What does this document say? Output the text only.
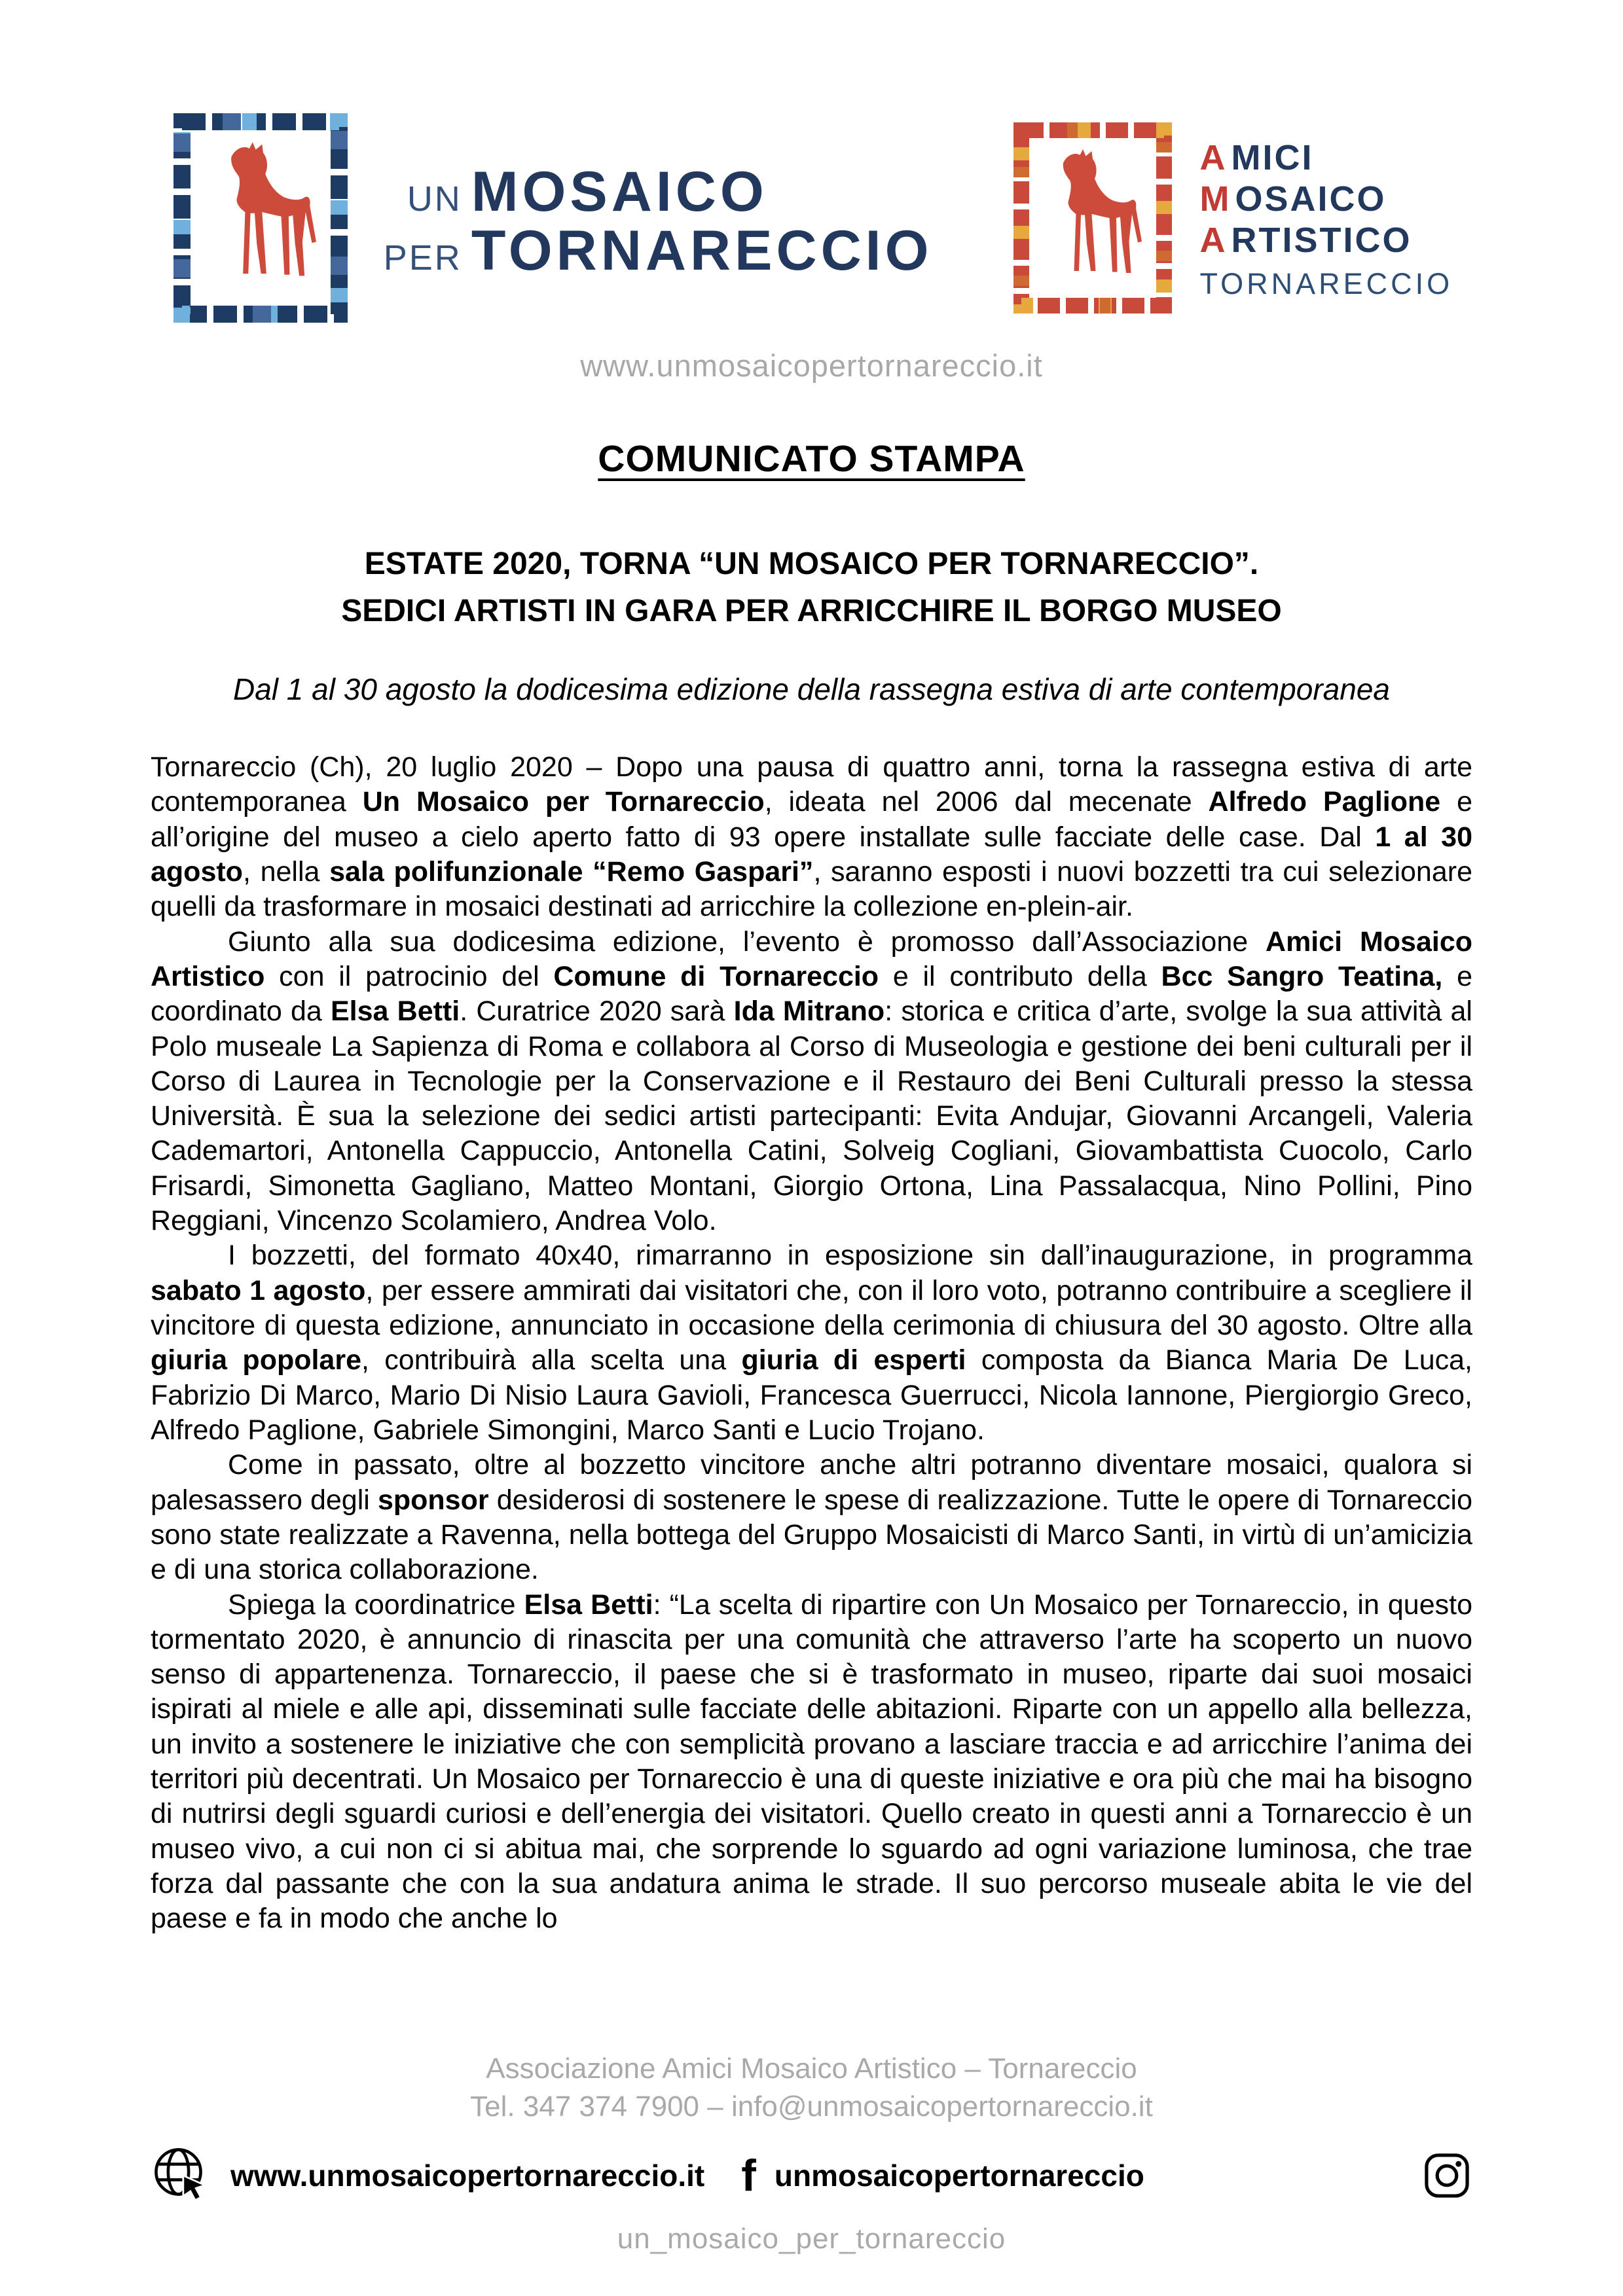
UN MOSAICO
PER TORNARECCIO
A MICI
M OSAICO
A RTISTICO
TORNARECCIO
www.unmosaicopertornareccio.it
COMUNICATO STAMPA
ESTATE 2020, TORNA “UN MOSAICO PER TORNARECCIO”.
SEDICI ARTISTI IN GARA PER ARRICCHIRE IL BORGO MUSEO

Dal 1 al 30 agosto la dodicesima edizione della rassegna estiva di arte contemporanea

Tornareccio (Ch), 20 luglio 2020 – Dopo una pausa di quattro anni, torna la rassegna estiva di arte contemporanea Un Mosaico per Tornareccio, ideata nel 2006 dal mecenate Alfredo Paglione e all’origine del museo a cielo aperto fatto di 93 opere installate sulle facciate delle case. Dal 1 al 30 agosto, nella sala polifunzionale “Remo Gaspari”, saranno esposti i nuovi bozzetti tra cui selezionare quelli da trasformare in mosaici destinati ad arricchire la collezione en-plein-air.

Giunto alla sua dodicesima edizione, l’evento è promosso dall’Associazione Amici Mosaico Artistico con il patrocinio del Comune di Tornareccio e il contributo della Bcc Sangro Teatina, e coordinato da Elsa Betti. Curatrice 2020 sarà Ida Mitrano: storica e critica d’arte, svolge la sua attività al Polo museale La Sapienza di Roma e collabora al Corso di Museologia e gestione dei beni culturali per il Corso di Laurea in Tecnologie per la Conservazione e il Restauro dei Beni Culturali presso la stessa Università. È sua la selezione dei sedici artisti partecipanti: Evita Andujar, Giovanni Arcangeli, Valeria Cademartori, Antonella Cappuccio, Antonella Catini, Solveig Cogliani, Giovambattista Cuocolo, Carlo Frisardi, Simonetta Gagliano, Matteo Montani, Giorgio Ortona, Lina Passalacqua, Nino Pollini, Pino Reggiani, Vincenzo Scolamiero, Andrea Volo.

I bozzetti, del formato 40x40, rimarranno in esposizione sin dall’inaugurazione, in programma sabato 1 agosto, per essere ammirati dai visitatori che, con il loro voto, potranno contribuire a scegliere il vincitore di questa edizione, annunciato in occasione della cerimonia di chiusura del 30 agosto. Oltre alla giuria popolare, contribuirà alla scelta una giuria di esperti composta da Bianca Maria De Luca, Fabrizio Di Marco, Mario Di Nisio Laura Gavioli, Francesca Guerrucci, Nicola Iannone, Piergiorgio Greco, Alfredo Paglione, Gabriele Simongini, Marco Santi e Lucio Trojano.

Come in passato, oltre al bozzetto vincitore anche altri potranno diventare mosaici, qualora si palesassero degli sponsor desiderosi di sostenere le spese di realizzazione. Tutte le opere di Tornareccio sono state realizzate a Ravenna, nella bottega del Gruppo Mosaicisti di Marco Santi, in virtù di un’amicizia e di una storica collaborazione.

Spiega la coordinatrice Elsa Betti: “La scelta di ripartire con Un Mosaico per Tornareccio, in questo tormentato 2020, è annuncio di rinascita per una comunità che attraverso l’arte ha scoperto un nuovo senso di appartenenza. Tornareccio, il paese che si è trasformato in museo, riparte dai suoi mosaici ispirati al miele e alle api, disseminati sulle facciate delle abitazioni. Riparte con un appello alla bellezza, un invito a sostenere le iniziative che con semplicità provano a lasciare traccia e ad arricchire l’anima dei territori più decentrati. Un Mosaico per Tornareccio è una di queste iniziative e ora più che mai ha bisogno di nutrirsi degli sguardi curiosi e dell’energia dei visitatori. Quello creato in questi anni a Tornareccio è un museo vivo, a cui non ci si abitua mai, che sorprende lo sguardo ad ogni variazione luminosa, che trae forza dal passante che con la sua andatura anima le strade. Il suo percorso museale abita le vie del paese e fa in modo che anche lo

Associazione Amici Mosaico Artistico – Tornareccio
Tel. 347 374 7900 – info@unmosaicopertornareccio.it
www.unmosaicopertornareccio.it f unmosaicopertornareccio
un_mosaico_per_tornareccio
